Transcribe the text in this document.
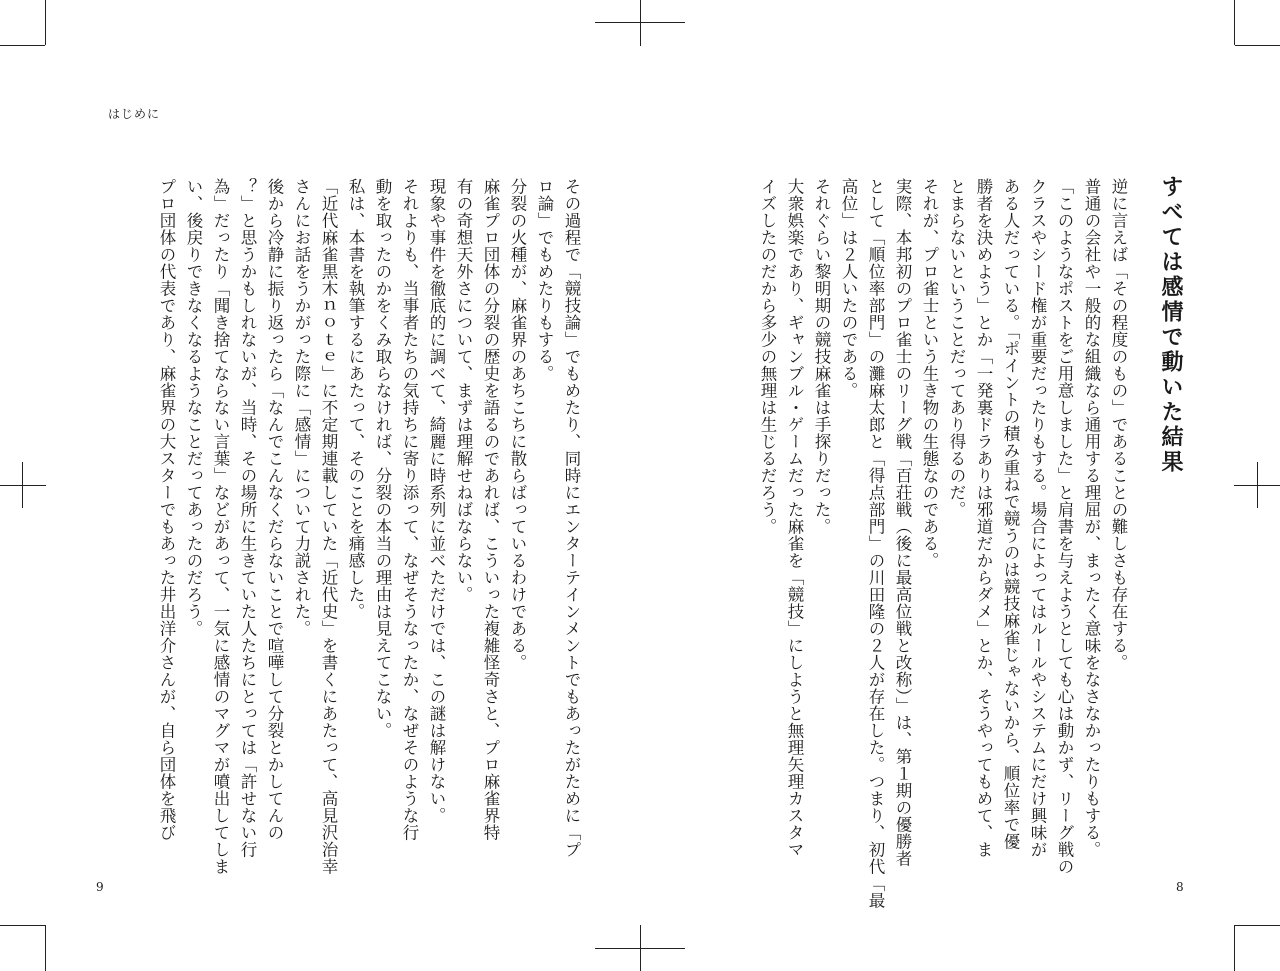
はじめに
9
その過程で「競技論」でもめたり、同時にエンターテインメントでもあったがために「プ
ロ論」でもめたりもする。
分裂の火種が、麻雀界のあちこちに散らばっているわけである。
麻雀プロ団体の分裂の歴史を語るのであれば、こういった複雑怪奇さと、プロ麻雀界特
有の奇想天外さについて、まずは理解せねばならない。
現象や事件を徹底的に調べて、綺麗に時系列に並べただけでは、この謎は解けない。
それよりも、当事者たちの気持ちに寄り添って、なぜそうなったか、なぜそのような行
動を取ったのかをくみ取らなければ、分裂の本当の理由は見えてこない。
私は、本書を執筆するにあたって、そのことを痛感した。
「近代麻雀黒木ｎｏｔｅ」に不定期連載していた「近代史」を書くにあたって、高見沢治幸
さんにお話をうかがった際に「感情」について力説された。
後から冷静に振り返ったら「なんでこんなくだらないことで喧嘩して分裂とかしてんの
？」と思うかもしれないが、当時、その場所に生きていた人たちにとっては「許せない行
為」だったり「聞き捨てならない言葉」などがあって、一気に感情のマグマが噴出してしま
い、後戻りできなくなるようなことだってあったのだろう。
プロ団体の代表であり、麻雀界の大スターでもあった井出洋介さんが、自ら団体を飛び	すべては感情で動いた結果
8
逆に言えば「その程度のもの」であることの難しさも存在する。
普通の会社や一般的な組織なら通用する理屈が、まったく意味をなさなかったりもする。
「このようなポストをご用意しました」と肩書を与えようとしても心は動かず、リーグ戦の
クラスやシード権が重要だったりもする。場合によってはルールやシステムにだけ興味が
ある人だっている。「ポイントの積み重ねで競うのは競技麻雀じゃないから、順位率で優
勝者を決めよう」とか「一発裏ドラありは邪道だからダメ」とか、そうやってもめて、ま
とまらないということだってあり得るのだ。
それが、プロ雀士という生き物の生態なのである。
実際、本邦初のプロ雀士のリーグ戦「百荘戦（後に最高位戦と改称）」は、第１期の優勝者
として「順位率部門」の灘麻太郎と「得点部門」の川田隆の２人が存在した。つまり、初代「最
高位」は２人いたのである。
それぐらい黎明期の競技麻雀は手探りだった。
大衆娯楽であり、ギャンブル・ゲームだった麻雀を「競技」にしようと無理矢理カスタマ
イズしたのだから多少の無理は生じるだろう。
